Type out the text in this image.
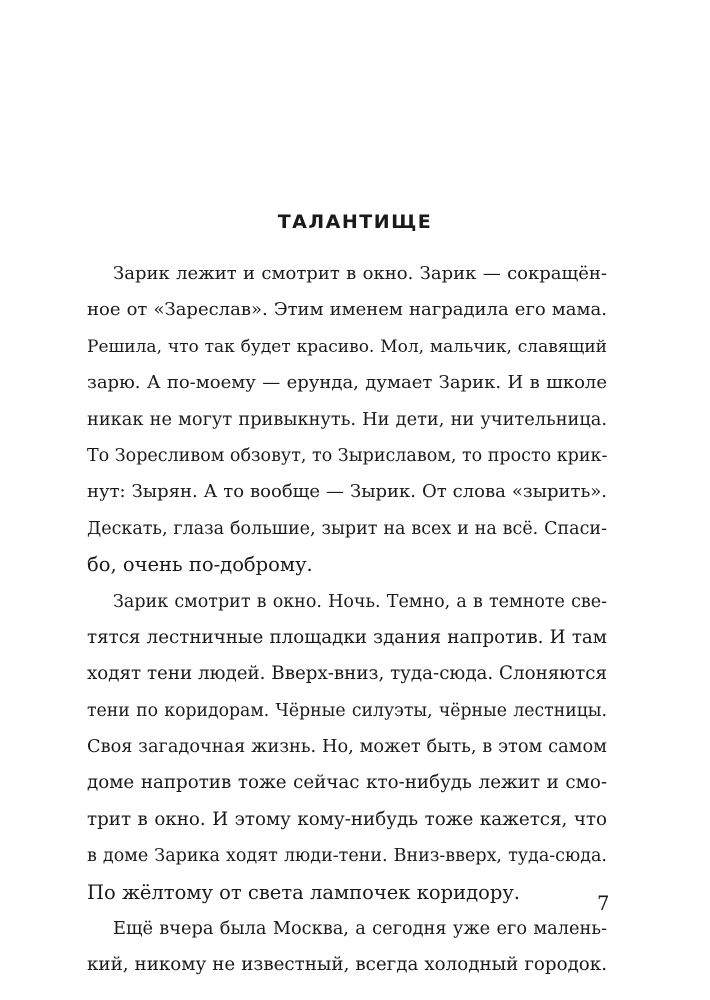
ТАЛАНТИЩЕ
Зарик лежит и смотрит в окно. Зарик — сокращён-
ное от «Зареслав». Этим именем наградила его мама.
Решила, что так будет красиво. Мол, мальчик, славящий
зарю. А по-моему — ерунда, думает Зарик. И в школе
никак не могут привыкнуть. Ни дети, ни учительница.
То Зоресливом обзовут, то Зыриславом, то просто крик-
нут: Зырян. А то вообще — Зырик. От слова «зырить».
Дескать, глаза большие, зырит на всех и на всё. Спаси-
бо, очень по-доброму.
Зарик смотрит в окно. Ночь. Темно, а в темноте све-
тятся лестничные площадки здания напротив. И там
ходят тени людей. Вверх-вниз, туда-сюда. Слоняются
тени по коридорам. Чёрные силуэты, чёрные лестницы.
Своя загадочная жизнь. Но, может быть, в этом самом
доме напротив тоже сейчас кто-нибудь лежит и смо-
трит в окно. И этому кому-нибудь тоже кажется, что
в доме Зарика ходят люди-тени. Вниз-вверх, туда-сюда.
По жёлтому от света лампочек коридору.
Ещё вчера была Москва, а сегодня уже его малень-
кий, никому не известный, всегда холодный городок.
7
